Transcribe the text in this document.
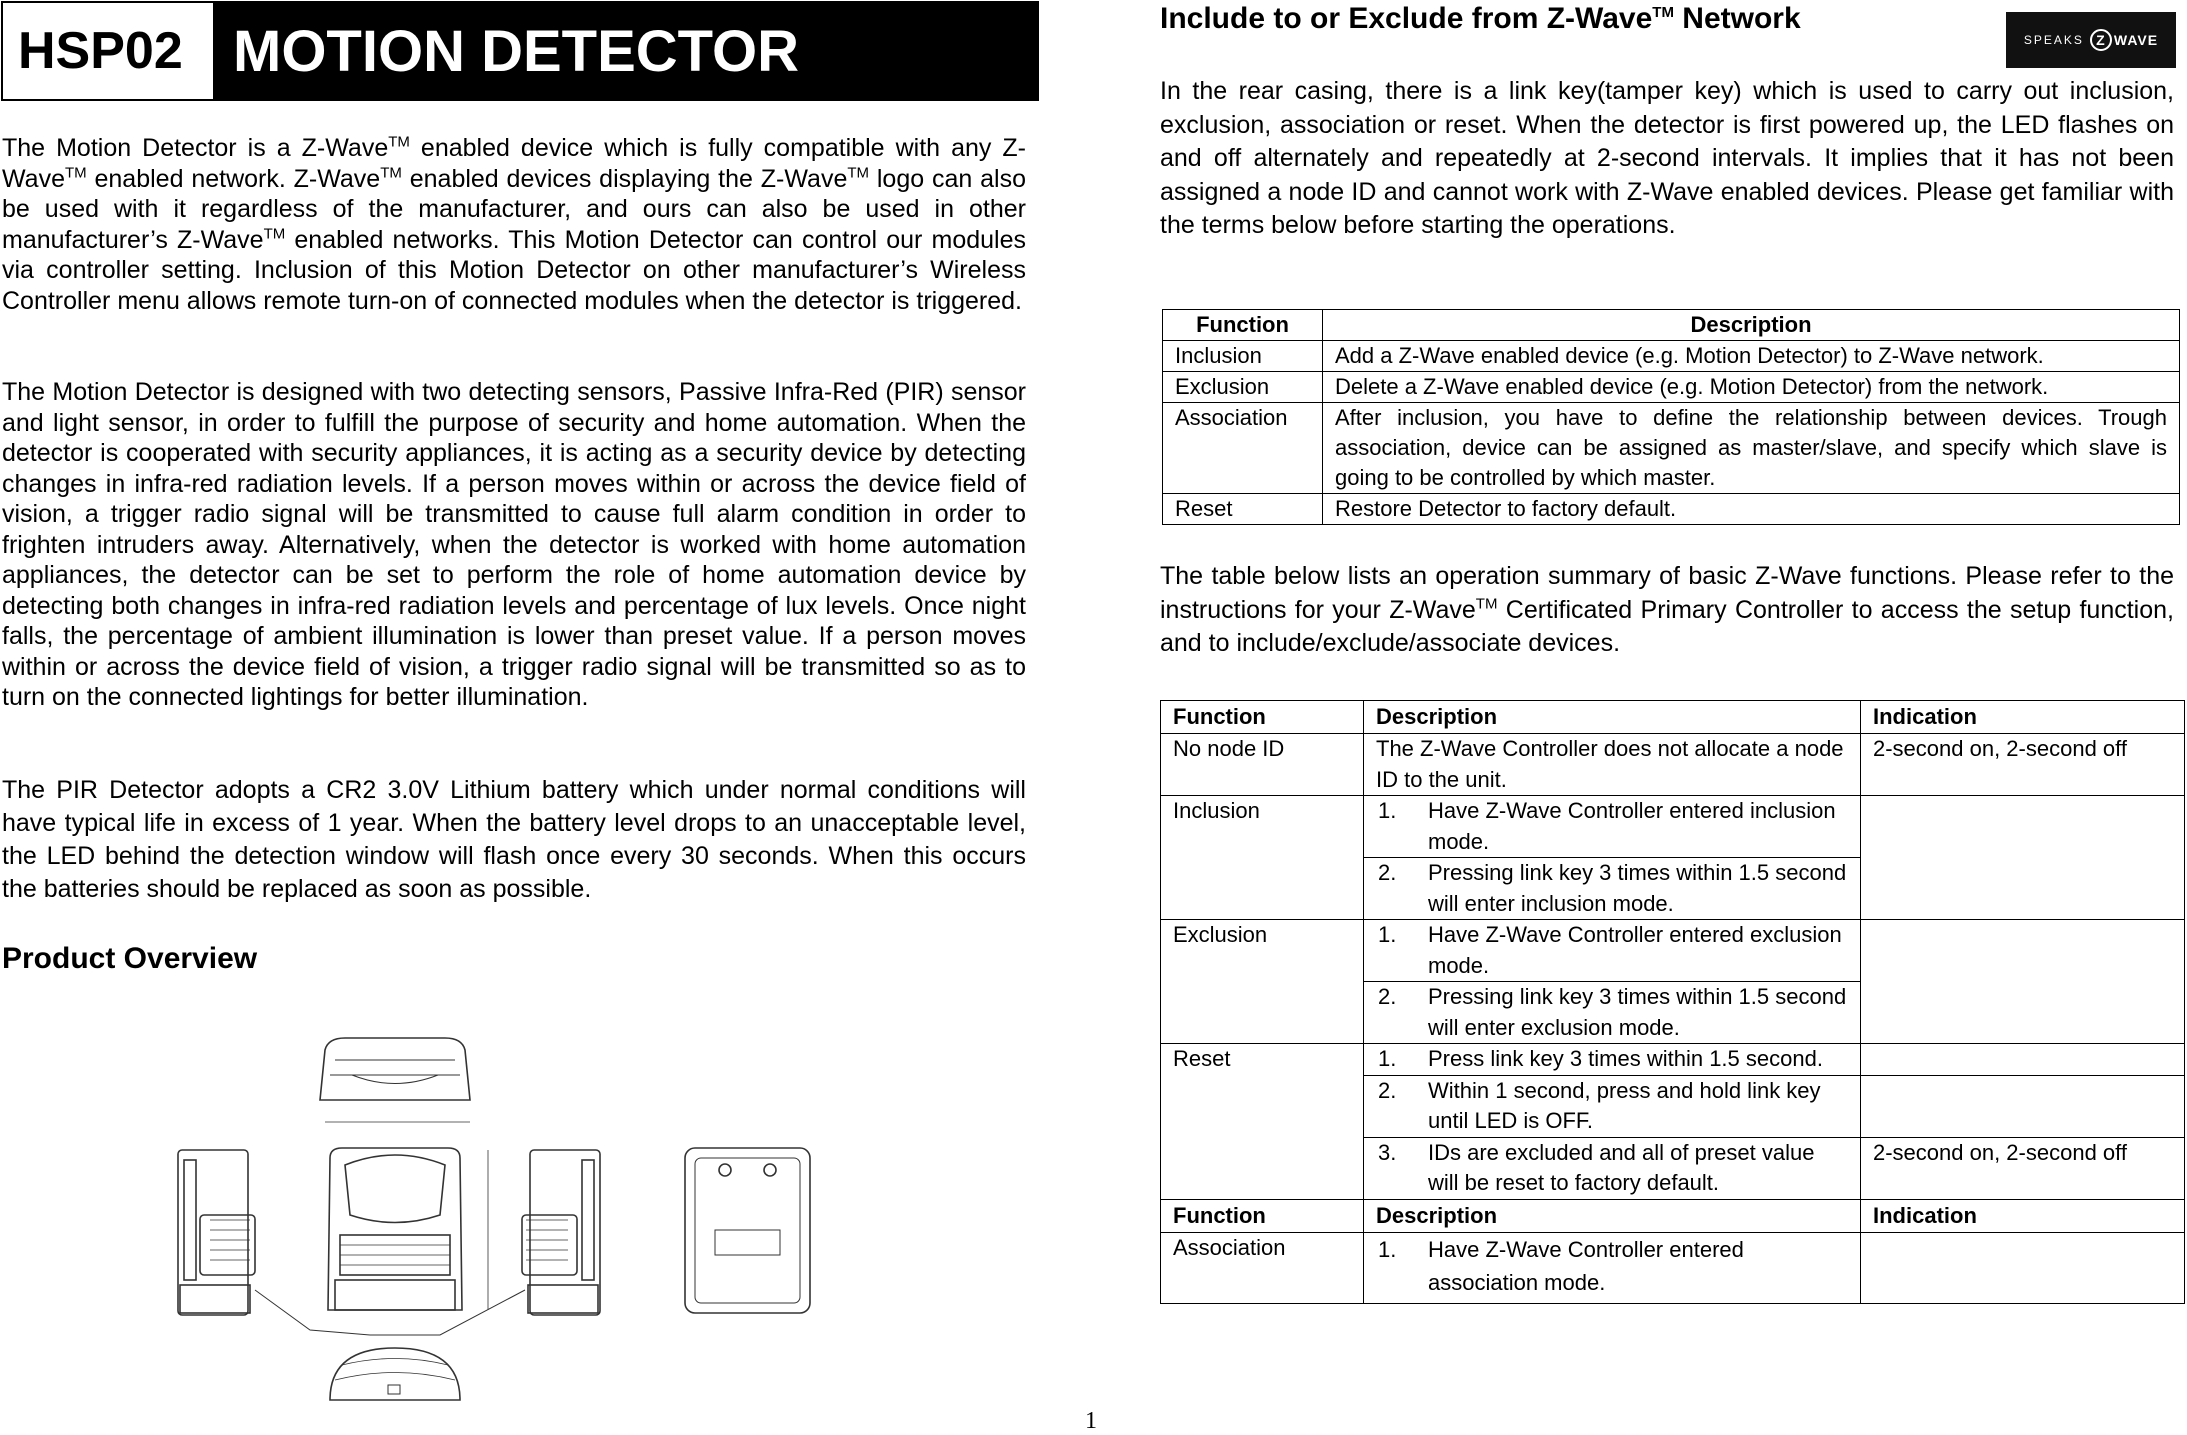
HSP02 MOTION DETECTOR

The Motion Detector is a Z-Wave™ enabled device which is fully compatible with any Z-Wave™ enabled network. Z-Wave™ enabled devices displaying the Z-Wave™ logo can also be used with it regardless of the manufacturer, and ours can also be used in other manufacturer’s Z-Wave™ enabled networks. This Motion Detector can control our modules via controller setting. Inclusion of this Motion Detector on other manufacturer’s Wireless Controller menu allows remote turn-on of connected modules when the detector is triggered.

The Motion Detector is designed with two detecting sensors, Passive Infra-Red (PIR) sensor and light sensor, in order to fulfill the purpose of security and home automation. When the detector is cooperated with security appliances, it is acting as a security device by detecting changes in infra-red radiation levels. If a person moves within or across the device field of vision, a trigger radio signal will be transmitted to cause full alarm condition in order to frighten intruders away. Alternatively, when the detector is worked with home automation appliances, the detector can be set to perform the role of home automation device by detecting both changes in infra-red radiation levels and percentage of lux levels. Once night falls, the percentage of ambient illumination is lower than preset value. If a person moves within or across the device field of vision, a trigger radio signal will be transmitted so as to turn on the connected lightings for better illumination.

The PIR Detector adopts a CR2 3.0V Lithium battery which under normal conditions will have typical life in excess of 1 year. When the battery level drops to an unacceptable level, the LED behind the detection window will flash once every 30 seconds. When this occurs the batteries should be replaced as soon as possible.

Product Overview
Include to or Exclude from Z-Wave™ Network
SPEAKS Z WAVE

In the rear casing, there is a link key(tamper key) which is used to carry out inclusion, exclusion, association or reset. When the detector is first powered up, the LED flashes on and off alternately and repeatedly at 2-second intervals. It implies that it has not been assigned a node ID and cannot work with Z-Wave enabled devices. Please get familiar with the terms below before starting the operations.

Function	Description
Inclusion	Add a Z-Wave enabled device (e.g. Motion Detector) to Z-Wave network.
Exclusion	Delete a Z-Wave enabled device (e.g. Motion Detector) from the network.
Association	After inclusion, you have to define the relationship between devices. Trough association, device can be assigned as master/slave, and specify which slave is going to be controlled by which master.
Reset	Restore Detector to factory default.

The table below lists an operation summary of basic Z-Wave functions. Please refer to the instructions for your Z-Wave™ Certificated Primary Controller to access the setup function, and to include/exclude/associate devices.

Function	Description	Indication
No node ID	The Z-Wave Controller does not allocate a node ID to the unit.	2-second on, 2-second off
Inclusion	1. Have Z-Wave Controller entered inclusion mode.	

	2. Pressing link key 3 times within 1.5 second will enter inclusion mode.	

Exclusion	1. Have Z-Wave Controller entered exclusion mode.	

	2. Pressing link key 3 times within 1.5 second will enter exclusion mode.	

Reset	1. Press link key 3 times within 1.5 second.	

	2. Within 1 second, press and hold link key until LED is OFF.	

	3. IDs are excluded and all of preset value will be reset to factory default.	2-second on, 2-second off
Function	Description	Indication
Association	1. Have Z-Wave Controller entered association mode.	

1
